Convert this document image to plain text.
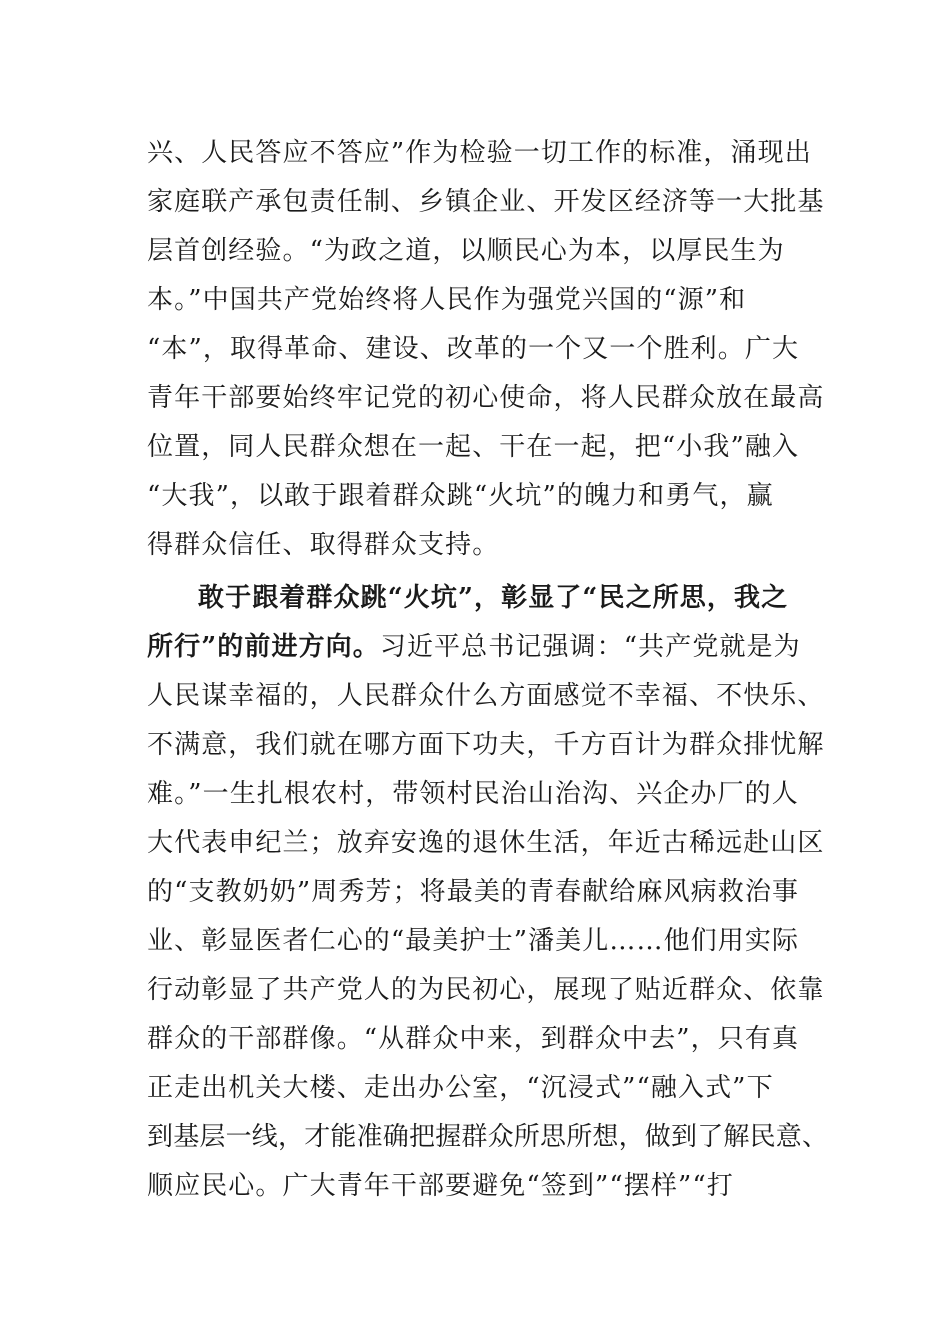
兴、人民答应不答应”作为检验一切工作的标准，涌现出
家庭联产承包责任制、乡镇企业、开发区经济等一大批基
层首创经验。“为政之道，以顺民心为本，以厚民生为
本。”中国共产党始终将人民作为强党兴国的“源”和
“本”，取得革命、建设、改革的一个又一个胜利。广大
青年干部要始终牢记党的初心使命，将人民群众放在最高
位置，同人民群众想在一起、干在一起，把“小我”融入
“大我”，以敢于跟着群众跳“火坑”的魄力和勇气，赢
得群众信任、取得群众支持。
敢于跟着群众跳“火坑”，彰显了“民之所思，我之
所行”的前进方向。习近平总书记强调：“共产党就是为
人民谋幸福的，人民群众什么方面感觉不幸福、不快乐、
不满意，我们就在哪方面下功夫，千方百计为群众排忧解
难。”一生扎根农村，带领村民治山治沟、兴企办厂的人
大代表申纪兰；放弃安逸的退休生活，年近古稀远赴山区
的“支教奶奶”周秀芳；将最美的青春献给麻风病救治事
业、彰显医者仁心的“最美护士”潘美儿……他们用实际
行动彰显了共产党人的为民初心，展现了贴近群众、依靠
群众的干部群像。“从群众中来，到群众中去”，只有真
正走出机关大楼、走出办公室，“沉浸式”“融入式”下
到基层一线，才能准确把握群众所思所想，做到了解民意、
顺应民心。广大青年干部要避免“签到”“摆样”“打
